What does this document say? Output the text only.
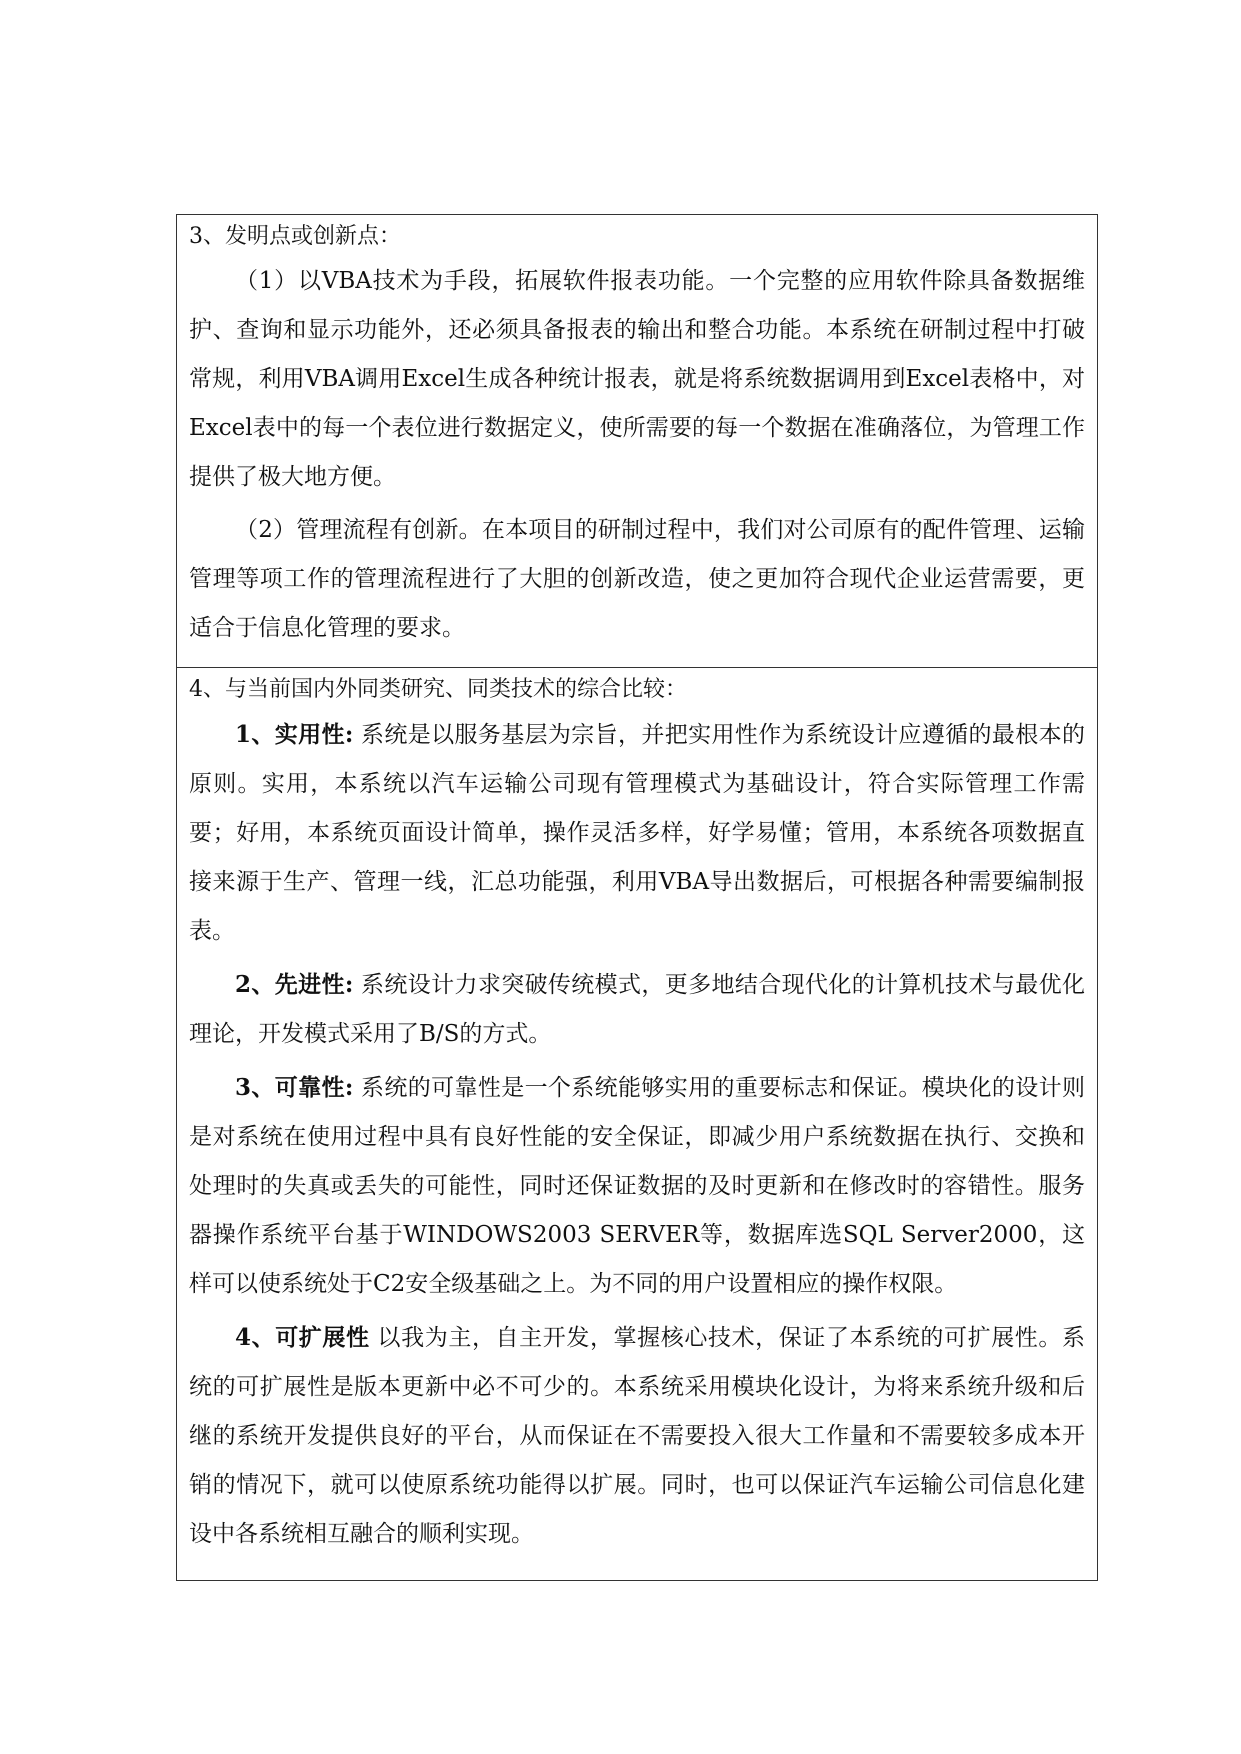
3、发明点或创新点：

（1）以VBA技术为手段，拓展软件报表功能。一个完整的应用软件除具备数据维护、查询和显示功能外，还必须具备报表的输出和整合功能。本系统在研制过程中打破常规，利用VBA调用Excel生成各种统计报表，就是将系统数据调用到Excel表格中，对Excel表中的每一个表位进行数据定义，使所需要的每一个数据在准确落位，为管理工作提供了极大地方便。

（2）管理流程有创新。在本项目的研制过程中，我们对公司原有的配件管理、运输管理等项工作的管理流程进行了大胆的创新改造，使之更加符合现代企业运营需要，更适合于信息化管理的要求。

4、与当前国内外同类研究、同类技术的综合比较：

1、实用性: 系统是以服务基层为宗旨，并把实用性作为系统设计应遵循的最根本的原则。实用，本系统以汽车运输公司现有管理模式为基础设计，符合实际管理工作需要；好用，本系统页面设计简单，操作灵活多样，好学易懂；管用，本系统各项数据直接来源于生产、管理一线，汇总功能强，利用VBA导出数据后，可根据各种需要编制报表。

2、先进性: 系统设计力求突破传统模式，更多地结合现代化的计算机技术与最优化理论，开发模式采用了B/S的方式。

3、可靠性: 系统的可靠性是一个系统能够实用的重要标志和保证。模块化的设计则是对系统在使用过程中具有良好性能的安全保证，即减少用户系统数据在执行、交换和处理时的失真或丢失的可能性，同时还保证数据的及时更新和在修改时的容错性。服务器操作系统平台基于WINDOWS2003 SERVER等，数据库选SQL Server2000，这样可以使系统处于C2安全级基础之上。为不同的用户设置相应的操作权限。

4、可扩展性 以我为主，自主开发，掌握核心技术，保证了本系统的可扩展性。系统的可扩展性是版本更新中必不可少的。本系统采用模块化设计，为将来系统升级和后继的系统开发提供良好的平台，从而保证在不需要投入很大工作量和不需要较多成本开销的情况下，就可以使原系统功能得以扩展。同时，也可以保证汽车运输公司信息化建设中各系统相互融合的顺利实现。
